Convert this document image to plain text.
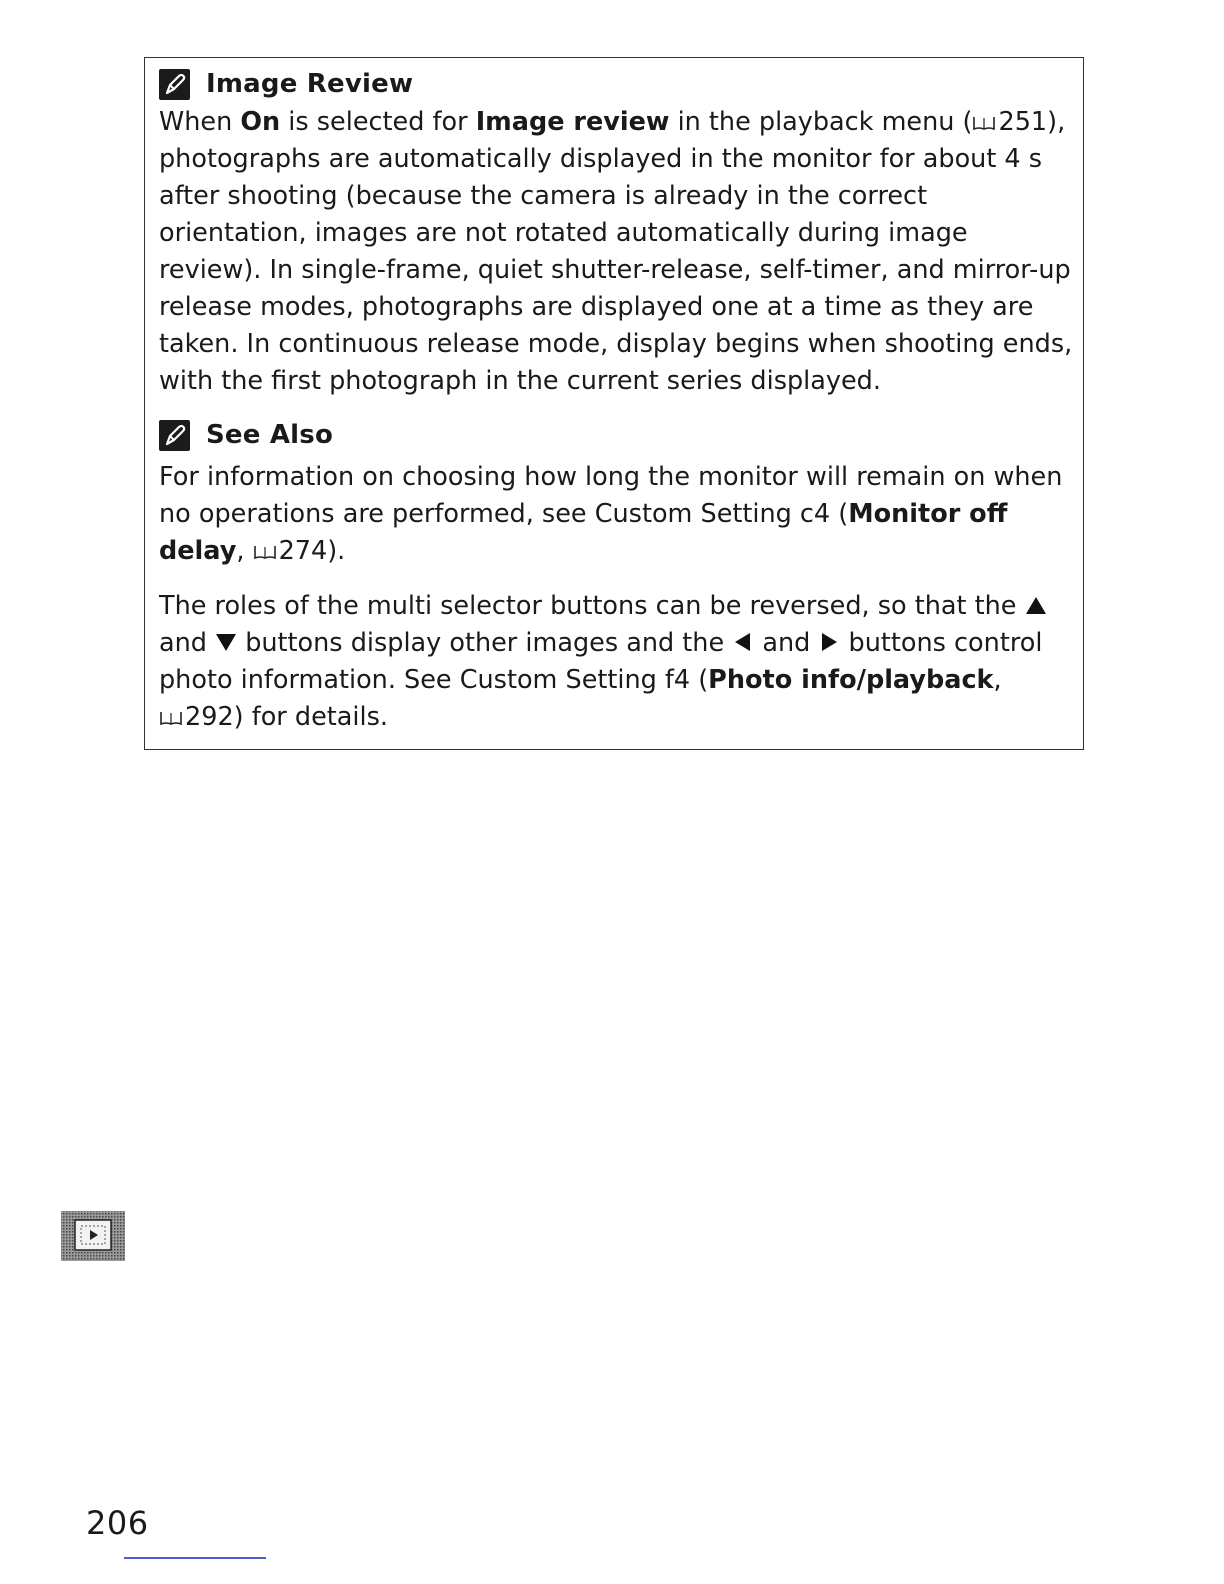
Image Review

When On is selected for Image review in the playback menu ( 251), photographs are automatically displayed in the monitor for about 4 s after shooting (because the camera is already in the correct orientation, images are not rotated automatically during image review). In single-frame, quiet shutter-release, self-timer, and mirror-up release modes, photographs are displayed one at a time as they are taken. In continuous release mode, display begins when shooting ends, with the first photograph in the current series displayed.

See Also

For information on choosing how long the monitor will remain on when no operations are performed, see Custom Setting c4 (Monitor off delay,
274).

The roles of the multi selector buttons can be reversed, so that the
and
buttons display other images and the
and
buttons control photo information. See Custom Setting f4 (Photo info/playback,

292) for details.

206
